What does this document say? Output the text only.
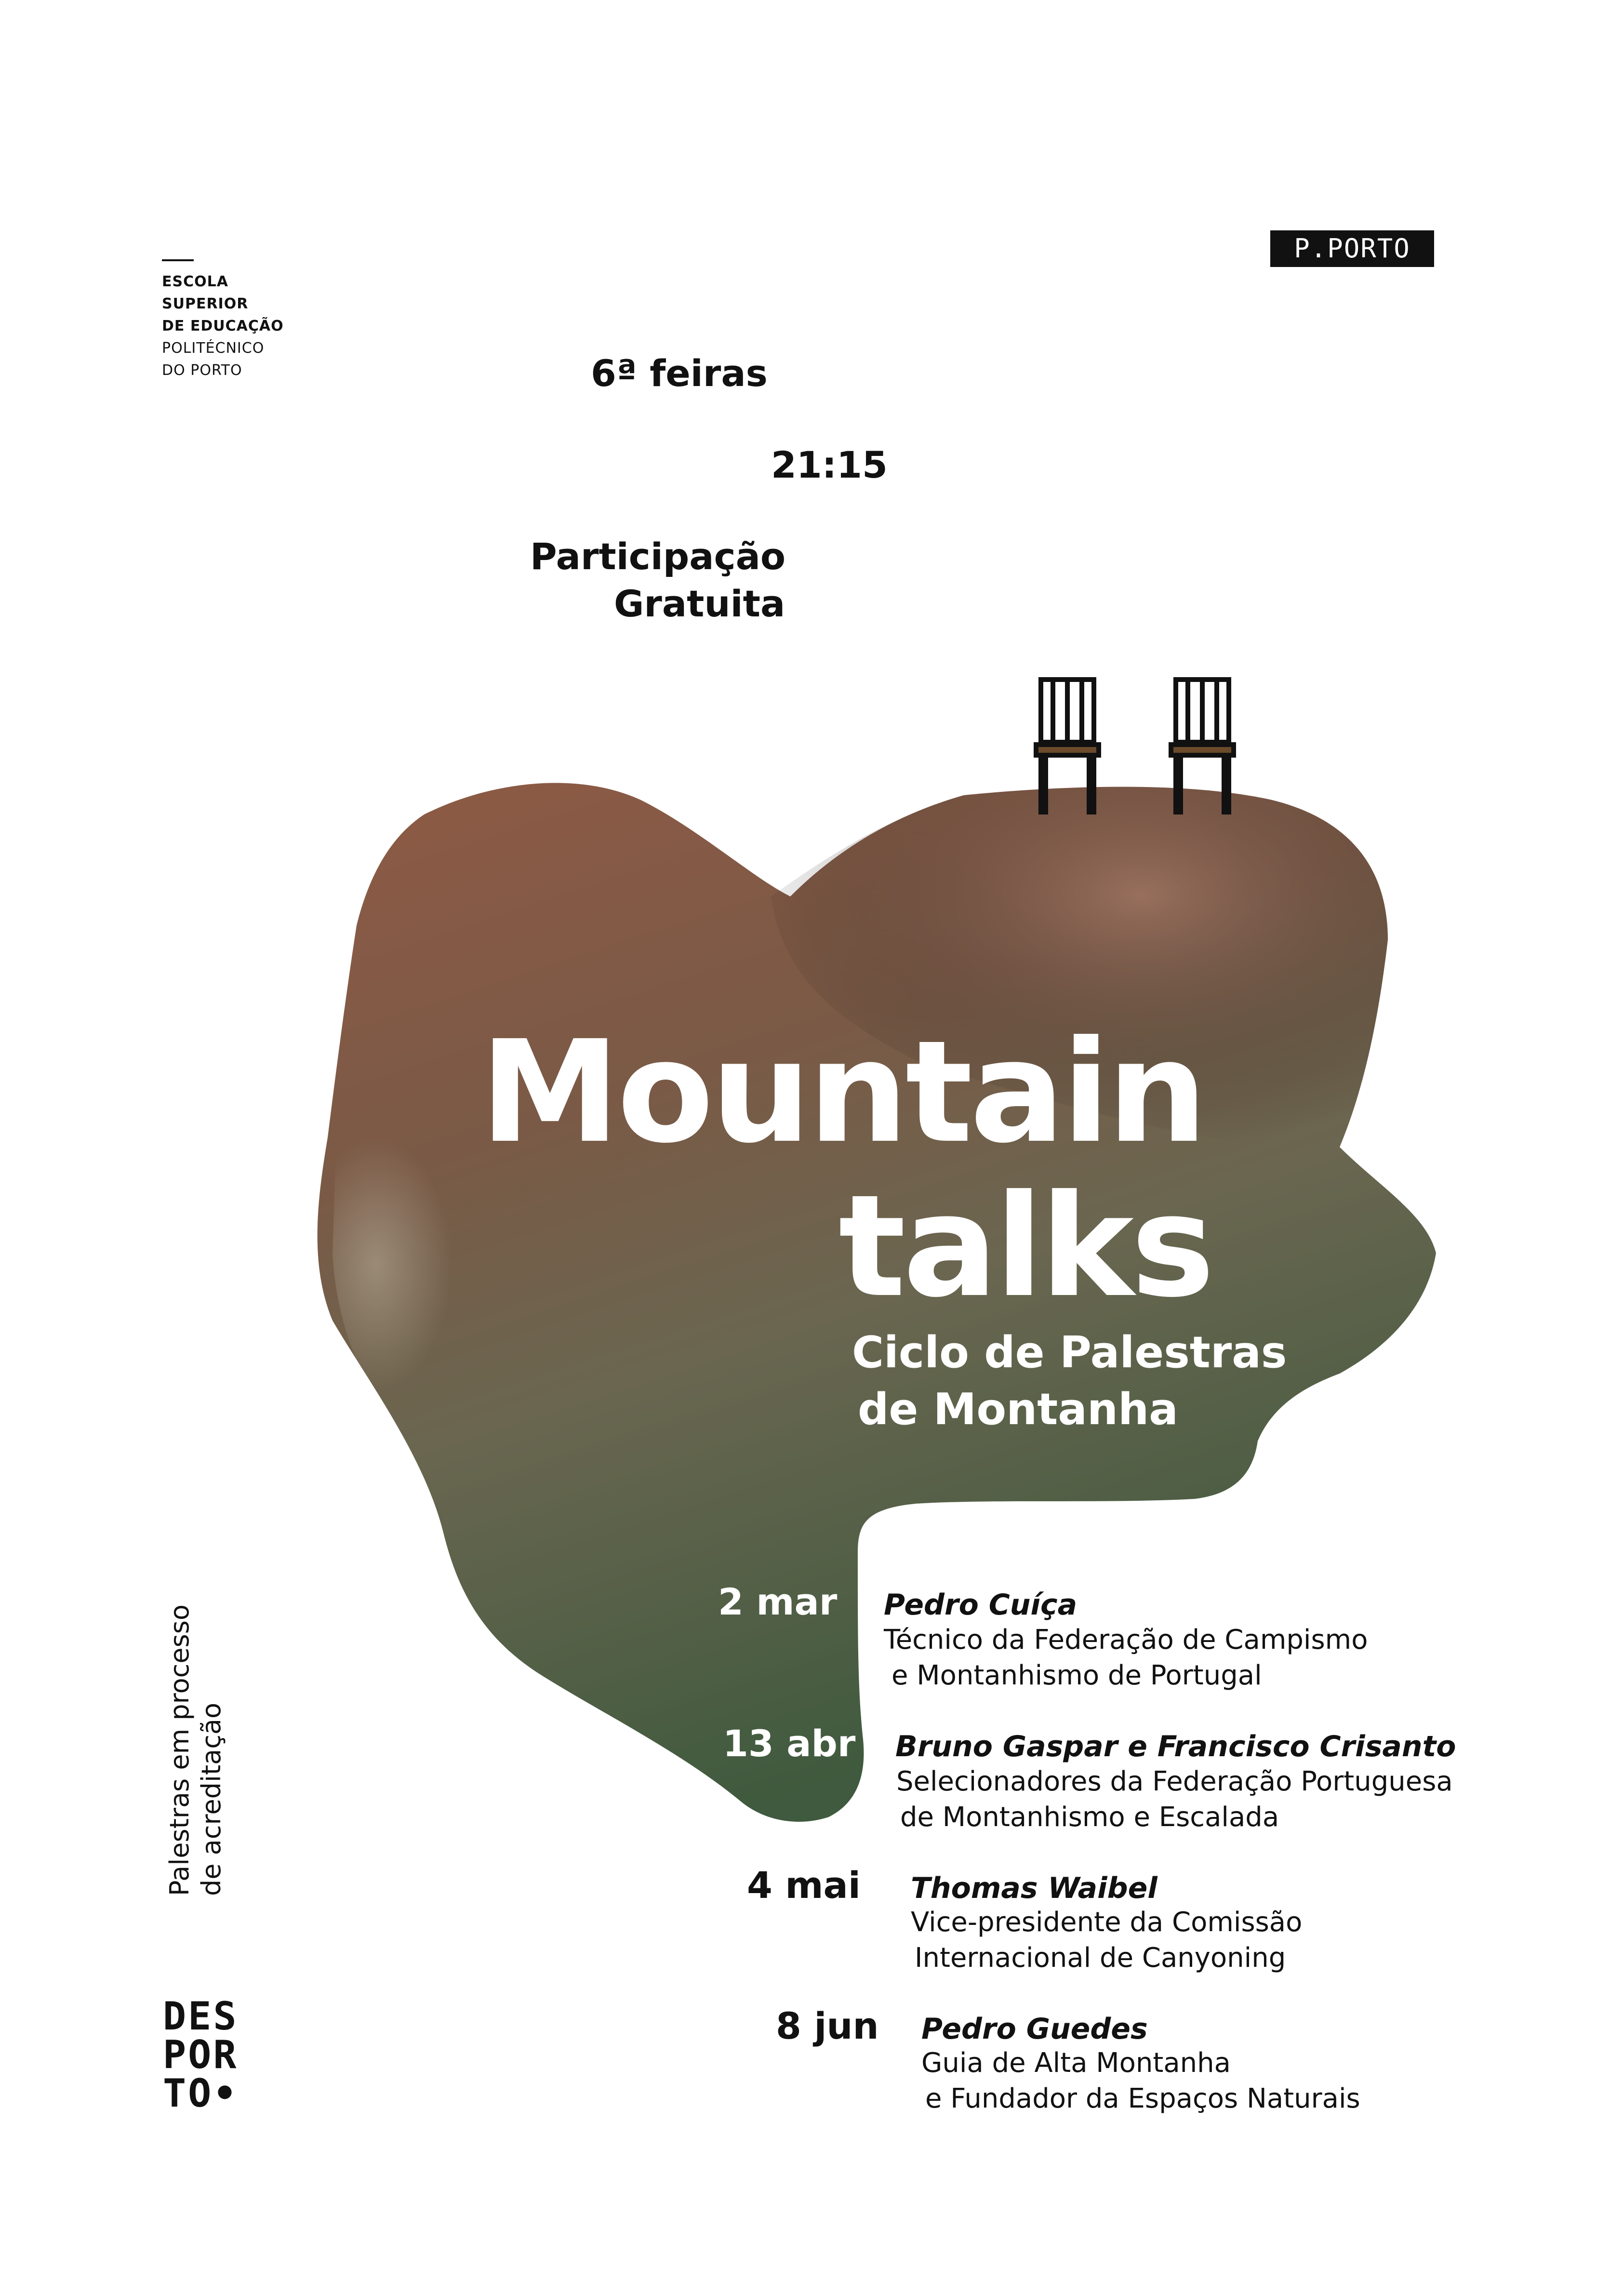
ESCOLA
SUPERIOR
DE EDUCAÇÃO
POLITÉCNICO
DO PORTO
P.PORTO
6ª feiras
21:15
Participação
Gratuita
Mountain
talks
Ciclo de Palestras
de Montanha
2 mar Pedro Cuíça
Técnico da Federação de Campismo
e Montanhismo de Portugal
13 abr Bruno Gaspar e Francisco Crisanto
Selecionadores da Federação Portuguesa
de Montanhismo e Escalada
4 mai Thomas Waibel
Vice-presidente da Comissão
Internacional de Canyoning
8 jun Pedro Guedes
Guia de Alta Montanha
e Fundador da Espaços Naturais
Palestras em processo de acreditação
DES
POR
TO•
